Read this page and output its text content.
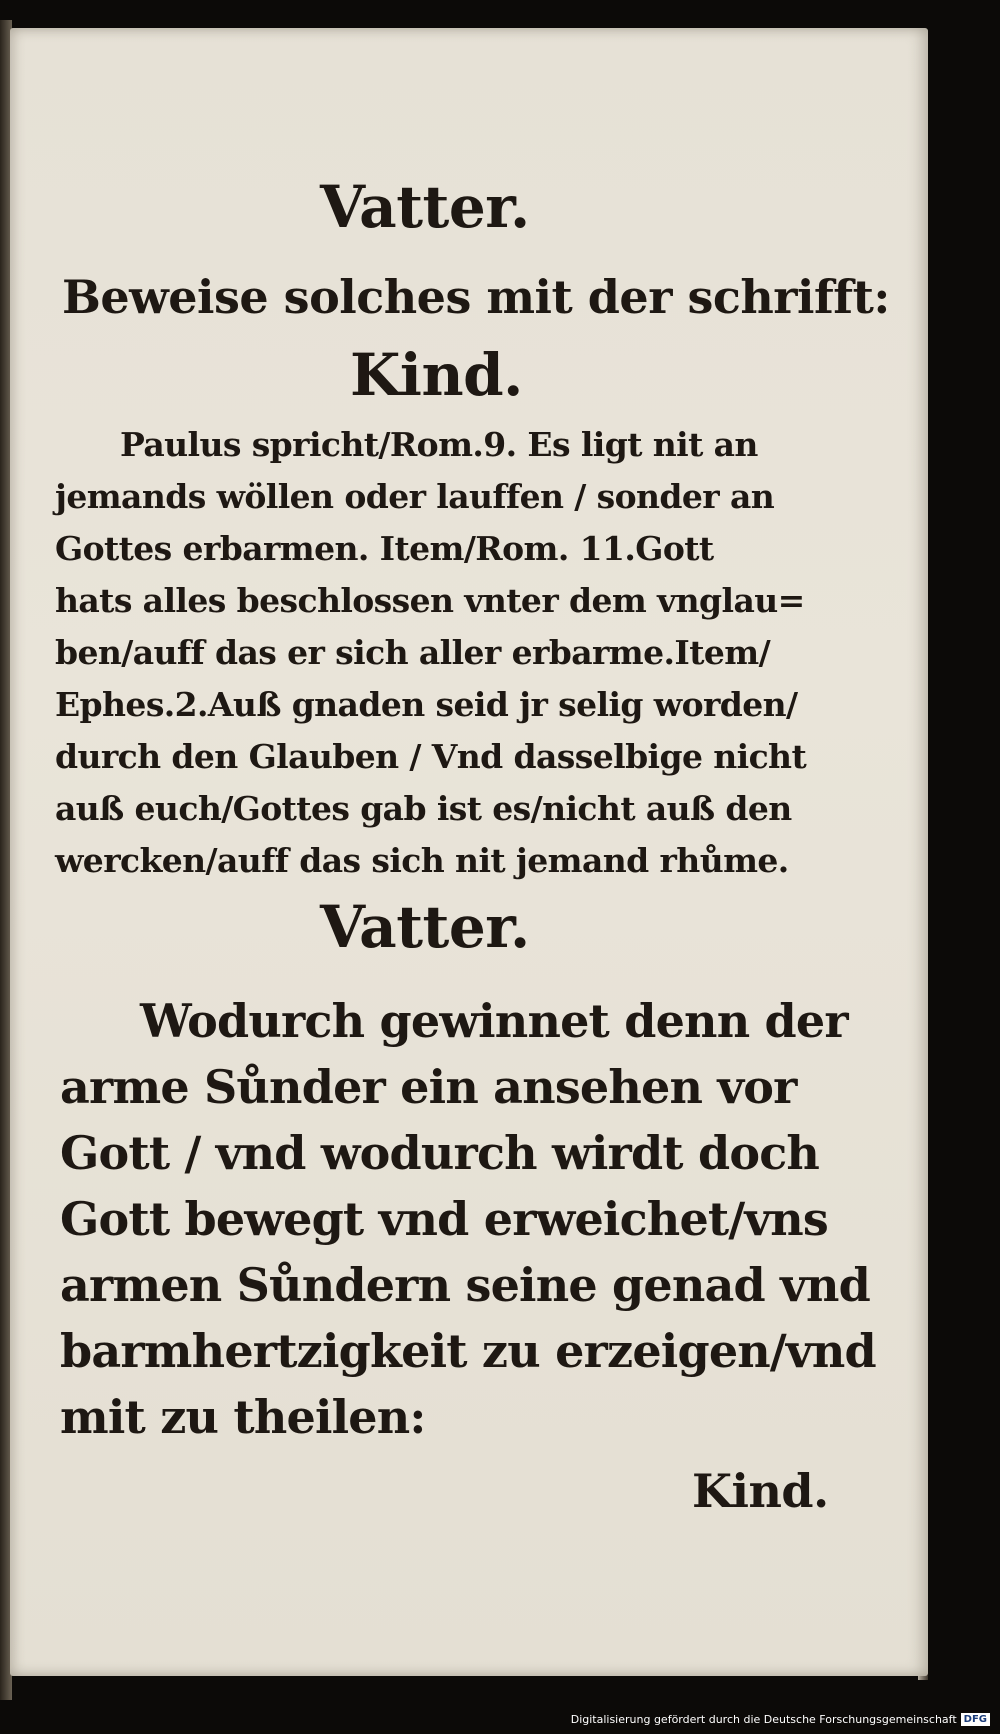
Vatter.
Beweise solches mit der schrifft:
Kind.
Paulus spricht/Rom.9. Es ligt nit an
jemands wöllen oder lauffen / sonder an
Gottes erbarmen. Item/Rom. 11.Gott
hats alles beschlossen vnter dem vnglau=
ben/auff das er sich aller erbarme.Item/
Ephes.2.Auß gnaden seid jr selig worden/
durch den Glauben / Vnd dasselbige nicht
auß euch/Gottes gab ist es/nicht auß den
wercken/auff das sich nit jemand rhůme.
Vatter.
Wodurch gewinnet denn der
arme Sůnder ein ansehen vor
Gott / vnd wodurch wirdt doch
Gott bewegt vnd erweichet/vns
armen Sůndern seine genad vnd
barmhertzigkeit zu erzeigen/vnd
mit zu theilen:
Kind.
Digitalisierung gefördert durch die Deutsche Forschungsgemeinschaft DFG
